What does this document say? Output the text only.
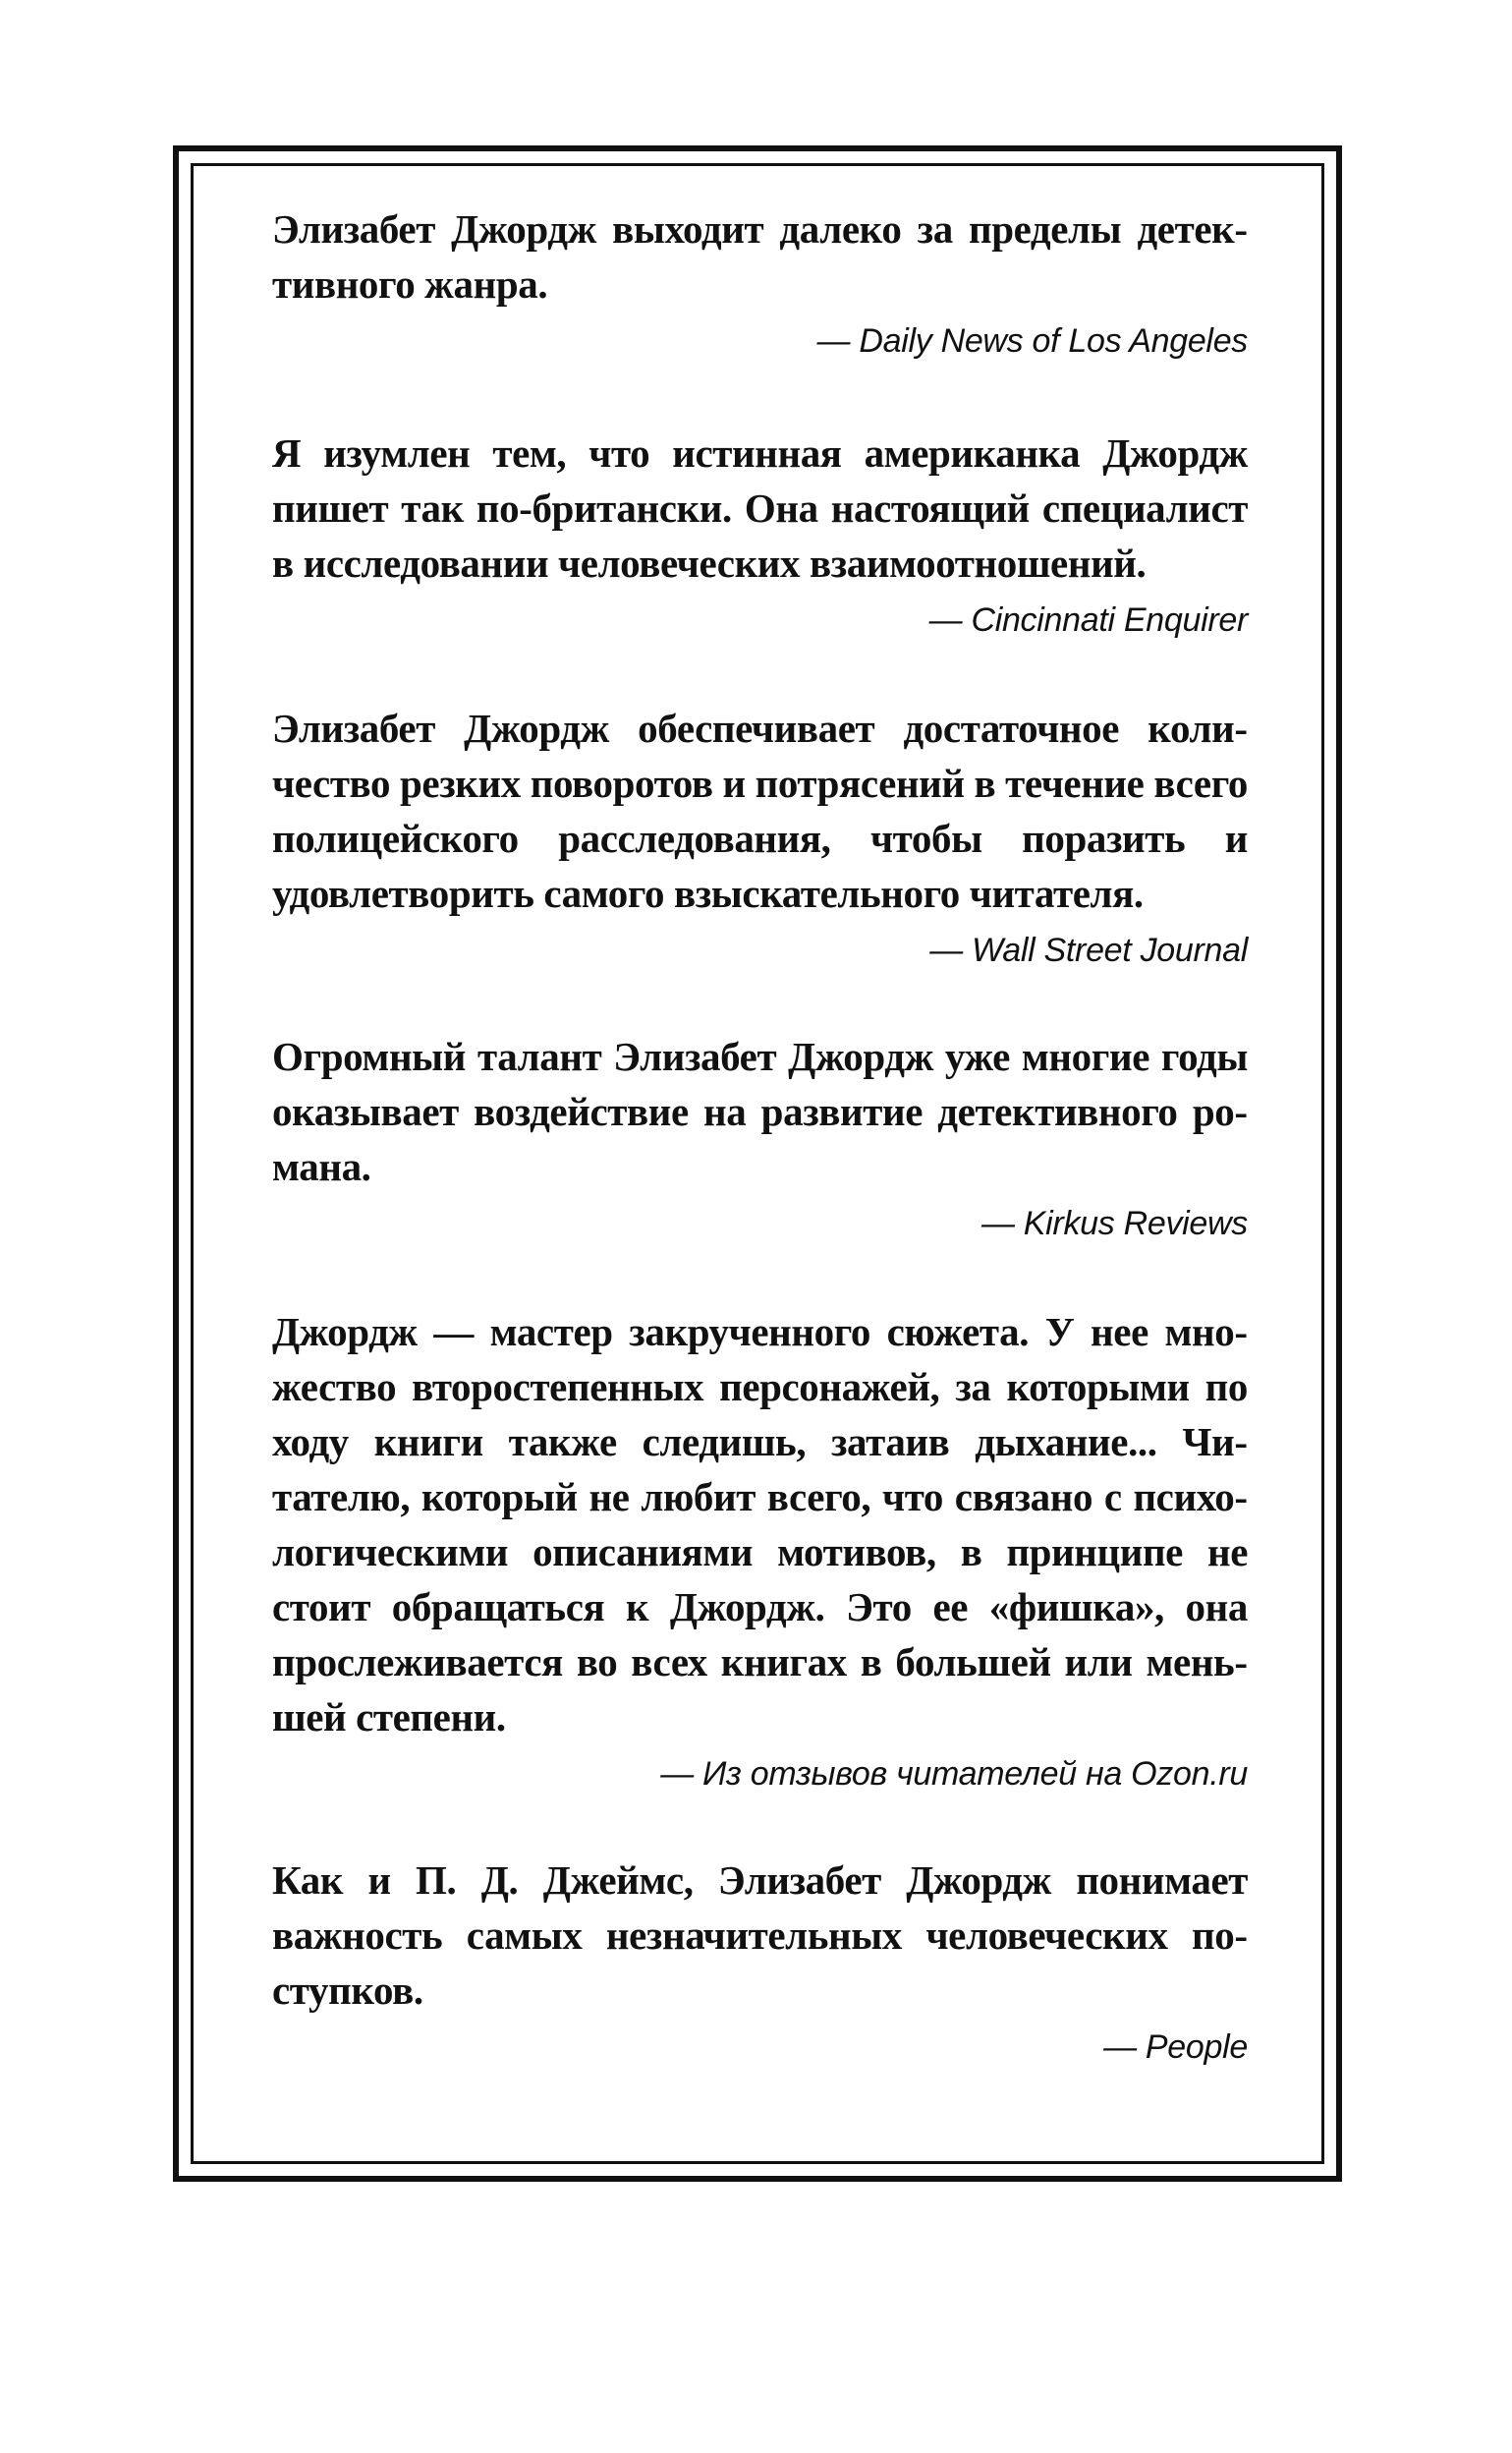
Элизабет Джордж выходит далеко за пределы детективного жанра.

— Daily News of Los Angeles

Я изумлен тем, что истинная американка Джордж пишет так по-британски. Она настоящий специалист в исследовании человеческих взаимоотношений.

— Cincinnati Enquirer

Элизабет Джордж обеспечивает достаточное количество резких поворотов и потрясений в течение всего полицейского расследования, чтобы поразить и удовлетворить самого взыскательного читателя.

— Wall Street Journal

Огромный талант Элизабет Джордж уже многие годы оказывает воздействие на развитие детективного романа.

— Kirkus Reviews

Джордж — мастер закрученного сюжета. У нее множество второстепенных персонажей, за которыми по ходу книги также следишь, затаив дыхание... Читателю, который не любит всего, что связано с психологическими описаниями мотивов, в принципе не стоит обращаться к Джордж. Это ее «фишка», она прослеживается во всех книгах в большей или меньшей степени.

— Из отзывов читателей на Ozon.ru

Как и П. Д. Джеймс, Элизабет Джордж понимает важность самых незначительных человеческих поступков.

— People
